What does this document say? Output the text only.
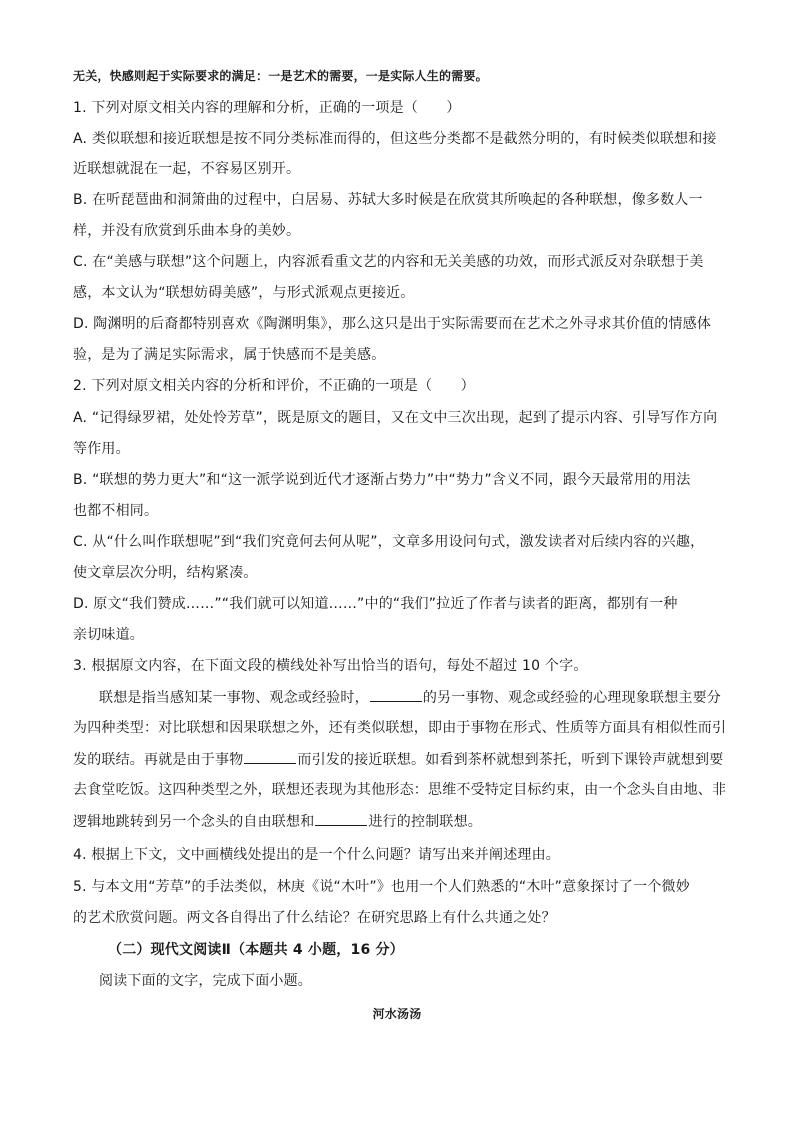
无关，快感则起于实际要求的满足：一是艺术的需要，一是实际人生的需要。
1. 下列对原文相关内容的理解和分析，正确的一项是（　　）
A. 类似联想和接近联想是按不同分类标准而得的，但这些分类都不是截然分明的，有时候类似联想和接
近联想就混在一起，不容易区别开。
B. 在听琵琶曲和洞箫曲的过程中，白居易、苏轼大多时候是在欣赏其所唤起的各种联想，像多数人一
样，并没有欣赏到乐曲本身的美妙。
C. 在“美感与联想”这个问题上，内容派看重文艺的内容和无关美感的功效，而形式派反对杂联想于美
感，本文认为“联想妨碍美感”，与形式派观点更接近。
D. 陶渊明的后裔都特别喜欢《陶渊明集》，那么这只是出于实际需要而在艺术之外寻求其价值的情感体
验，是为了满足实际需求，属于快感而不是美感。
2. 下列对原文相关内容的分析和评价，不正确的一项是（　　）
A. “记得绿罗裙，处处怜芳草”，既是原文的题目，又在文中三次出现，起到了提示内容、引导写作方向
等作用。
B. “联想的势力更大”和“这一派学说到近代才逐渐占势力”中“势力”含义不同，跟今天最常用的用法
也都不相同。
C. 从“什么叫作联想呢”到“我们究竟何去何从呢”，文章多用设问句式，激发读者对后续内容的兴趣，
使文章层次分明，结构紧凑。
D. 原文“我们赞成……”“我们就可以知道……”中的“我们”拉近了作者与读者的距离，都别有一种
亲切味道。
3. 根据原文内容，在下面文段的横线处补写出恰当的语句，每处不超过 10 个字。
联想是指当感知某一事物、观念或经验时，	的另一事物、观念或经验的心理现象联想主要分
为四种类型：对比联想和因果联想之外，还有类似联想，即由于事物在形式、性质等方面具有相似性而引
发的联结。再就是由于事物	而引发的接近联想。如看到茶杯就想到茶托，听到下课铃声就想到要
去食堂吃饭。这四种类型之外，联想还表现为其他形态：思维不受特定目标约束，由一个念头自由地、非
逻辑地跳转到另一个念头的自由联想和	进行的控制联想。
4. 根据上下文，文中画横线处提出的是一个什么问题？请写出来并阐述理由。
5. 与本文用“芳草”的手法类似，林庚《说“木叶”》也用一个人们熟悉的“木叶”意象探讨了一个微妙
的艺术欣赏问题。两文各自得出了什么结论？在研究思路上有什么共通之处？
（二）现代文阅读Ⅱ（本题共 4 小题，16 分）
阅读下面的文字，完成下面小题。
河水汤汤
